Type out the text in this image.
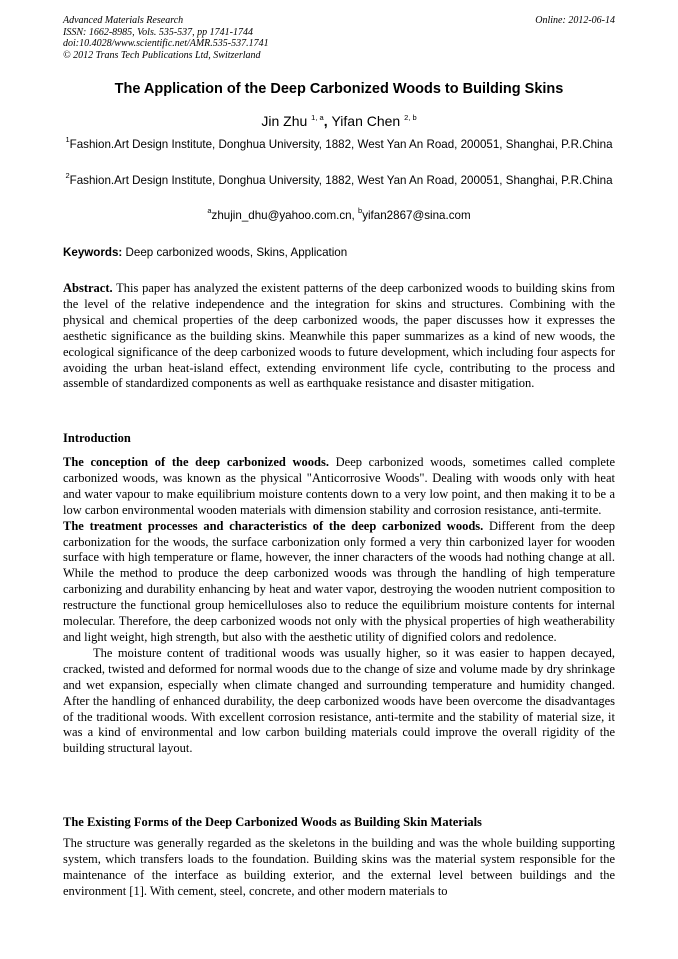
Advanced Materials Research
ISSN: 1662-8985, Vols. 535-537, pp 1741-1744
doi:10.4028/www.scientific.net/AMR.535-537.1741
© 2012 Trans Tech Publications Ltd, Switzerland
Online: 2012-06-14
The Application of the Deep Carbonized Woods to Building Skins
Jin Zhu $^{1, a}$, Yifan Chen $^{2, b}$
$^1$Fashion.Art Design Institute, Donghua University, 1882, West Yan An Road, 200051, Shanghai, P.R.China
$^2$Fashion.Art Design Institute, Donghua University, 1882, West Yan An Road, 200051, Shanghai, P.R.China
$^a$zhujin_dhu@yahoo.com.cn, $^b$yifan2867@sina.com
Keywords: Deep carbonized woods, Skins, Application
Abstract. This paper has analyzed the existent patterns of the deep carbonized woods to building skins from the level of the relative independence and the integration for skins and structures. Combining with the physical and chemical properties of the deep carbonized woods, the paper discusses how it expresses the aesthetic significance as the building skins. Meanwhile this paper summarizes as a kind of new woods, the ecological significance of the deep carbonized woods to future development, which including four aspects for avoiding the urban heat-island effect, extending environment life cycle, contributing to the process and assemble of standardized components as well as earthquake resistance and disaster mitigation.
Introduction

The conception of the deep carbonized woods. Deep carbonized woods, sometimes called complete carbonized woods, was known as the physical "Anticorrosive Woods". Dealing with woods only with heat and water vapour to make equilibrium moisture contents down to a very low point, and then making it to be a low carbon environmental wooden materials with dimension stability and corrosion resistance, anti-termite.

The treatment processes and characteristics of the deep carbonized woods. Different from the deep carbonization for the woods, the surface carbonization only formed a very thin carbonized layer for wooden surface with high temperature or flame, however, the inner characters of the woods had nothing change at all. While the method to produce the deep carbonized woods was through the handling of high temperature carbonizing and durability enhancing by heat and water vapor, destroying the wooden nutrient composition to restructure the functional group hemicelluloses also to reduce the equilibrium moisture contents for internal molecular. Therefore, the deep carbonized woods not only with the physical properties of high weatherability and light weight, high strength, but also with the aesthetic utility of dignified colors and redolence.

The moisture content of traditional woods was usually higher, so it was easier to happen decayed, cracked, twisted and deformed for normal woods due to the change of size and volume made by dry shrinkage and wet expansion, especially when climate changed and surrounding temperature and humidity changed. After the handling of enhanced durability, the deep carbonized woods have been overcome the disadvantages of the traditional woods. With excellent corrosion resistance, anti-termite and the stability of material size, it was a kind of environmental and low carbon building materials could improve the overall rigidity of the building structural layout.

The Existing Forms of the Deep Carbonized Woods as Building Skin Materials
The structure was generally regarded as the skeletons in the building and was the whole building supporting system, which transfers loads to the foundation. Building skins was the material system responsible for the maintenance of the interface as building exterior, and the external level between buildings and the environment [1]. With cement, steel, concrete, and other modern materials to
